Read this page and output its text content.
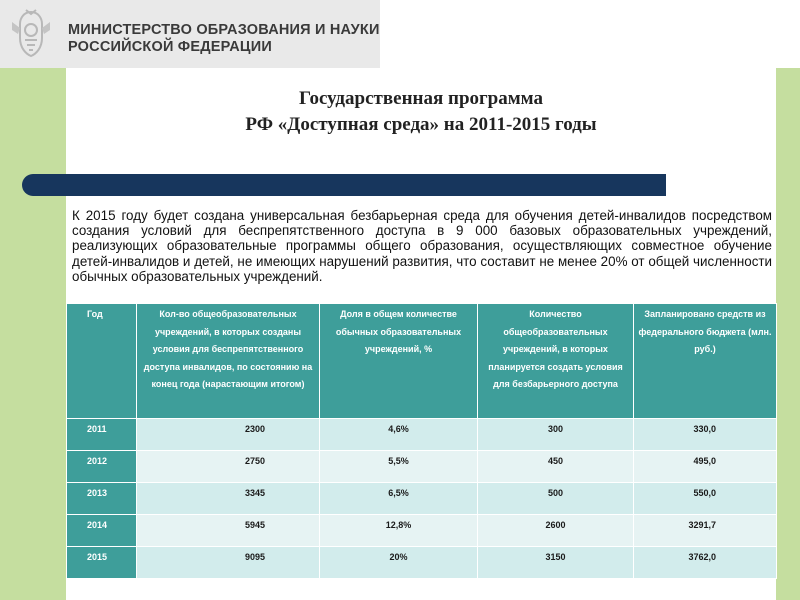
МИНИСТЕРСТВО ОБРАЗОВАНИЯ И НАУКИ
РОССИЙСКОЙ ФЕДЕРАЦИИ
Государственная программа
РФ «Доступная среда» на 2011-2015 годы
К 2015 году будет создана универсальная безбарьерная среда для обучения детей-инвалидов посредством создания условий для беспрепятственного доступа в 9 000 базовых образовательных учреждений, реализующих образовательные программы общего образования, осуществляющих совместное обучение детей-инвалидов и детей, не имеющих нарушений развития, что составит не менее 20% от общей численности обычных образовательных учреждений.
Год	Кол-во общеобразовательных учреждений, в которых созданы условия для беспрепятственного доступа инвалидов, по состоянию на конец года (нарастающим итогом)	Доля в общем количестве обычных образовательных учреждений, %	Количество общеобразовательных учреждений, в которых планируется создать условия для безбарьерного доступа	Запланировано средств из федерального бюджета (млн. руб.)
2011	2300	4,6%	300	330,0
2012	2750	5,5%	450	495,0
2013	3345	6,5%	500	550,0
2014	5945	12,8%	2600	3291,7
2015	9095	20%	3150	3762,0
